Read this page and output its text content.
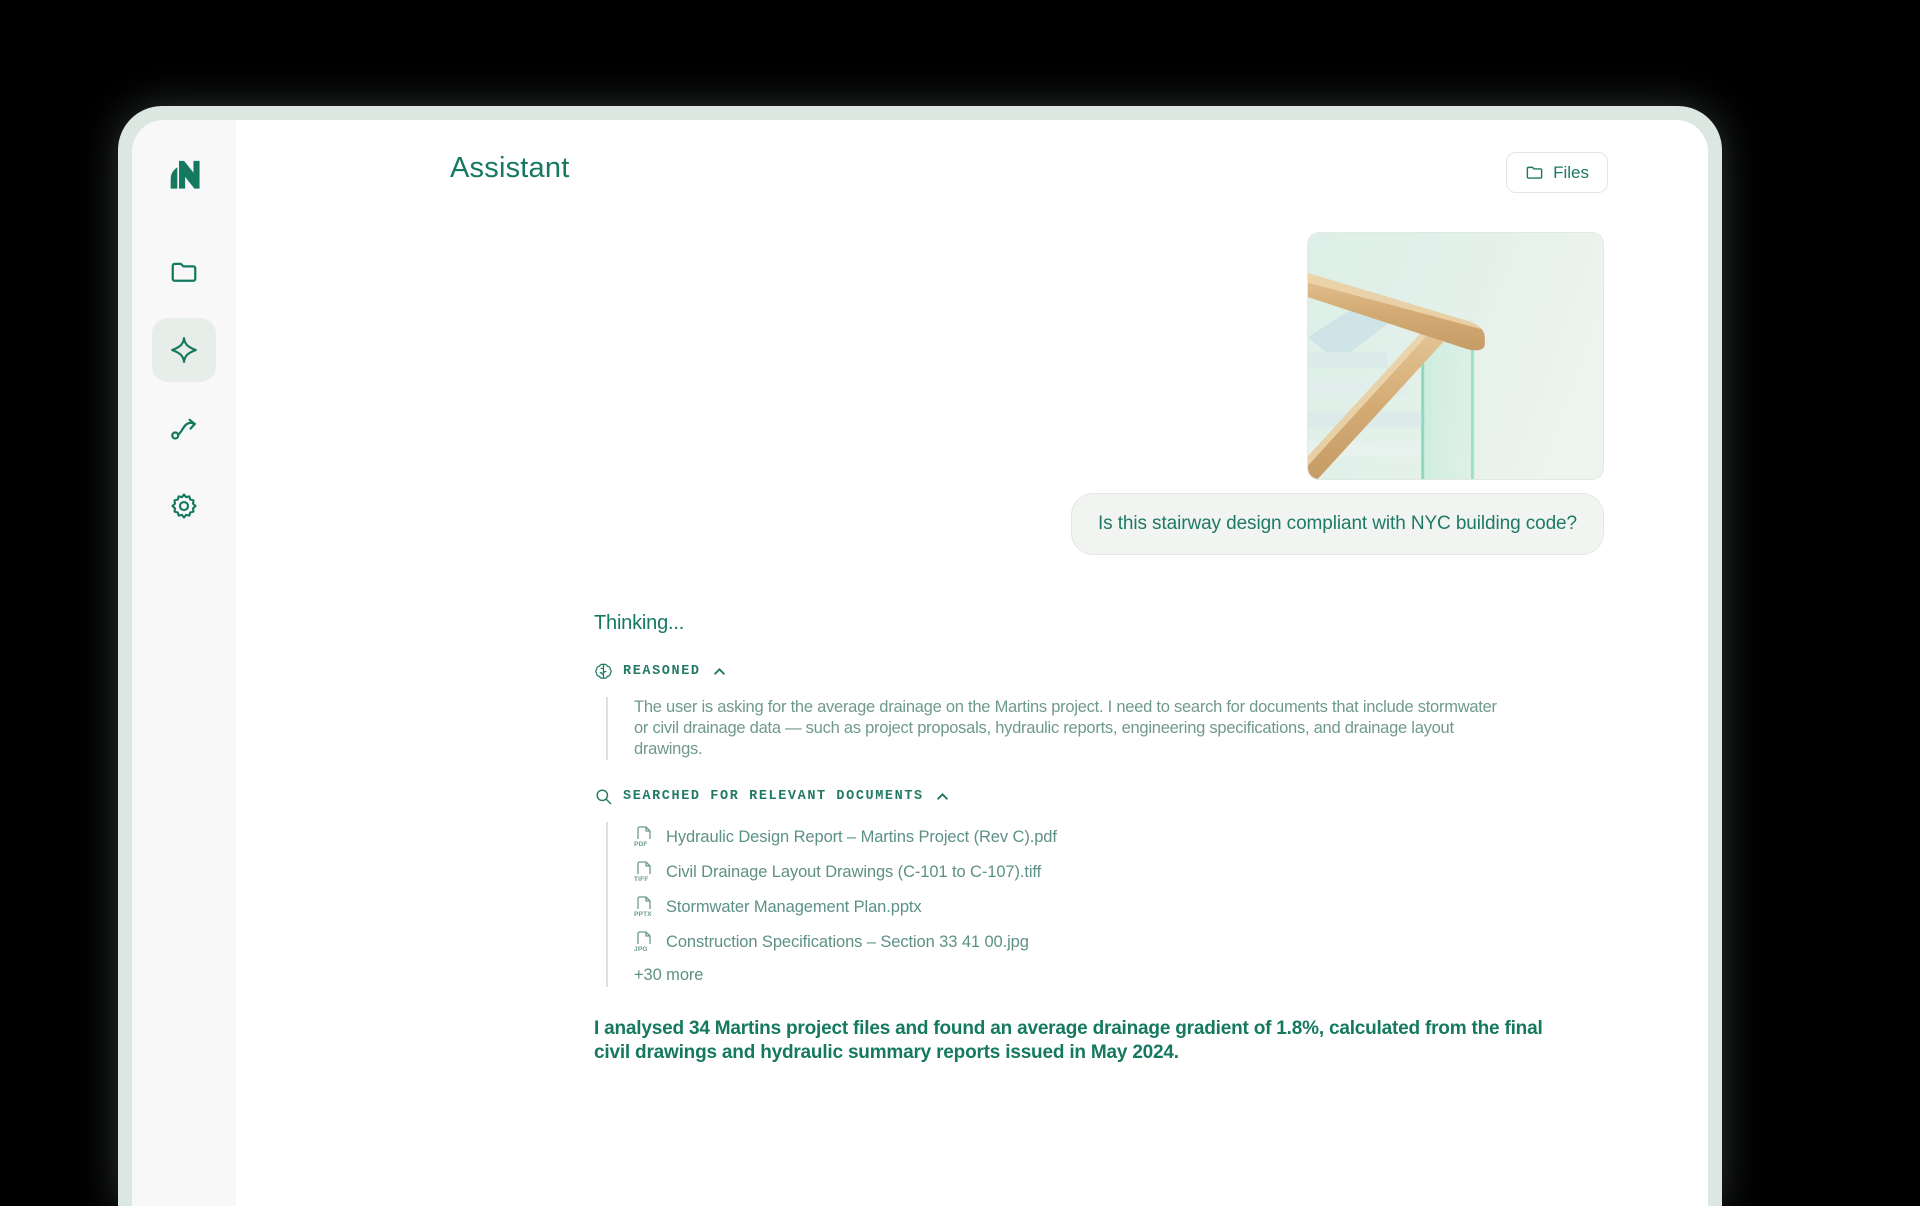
Assistant	Files
Is this stairway design compliant with NYC building code?
Thinking...
REASONED
The user is asking for the average drainage on the Martins project. I need to search for documents that include stormwater or civil drainage data — such as project proposals, hydraulic reports, engineering specifications, and drainage layout drawings.
SEARCHED FOR RELEVANT DOCUMENTS
PDF Hydraulic Design Report – Martins Project (Rev C).pdf
TIFF Civil Drainage Layout Drawings (C-101 to C-107).tiff
PPTX Stormwater Management Plan.pptx
JPG Construction Specifications – Section 33 41 00.jpg
+30 more
I analysed 34 Martins project files and found an average drainage gradient of 1.8%, calculated from the final civil drawings and hydraulic summary reports issued in May 2024.
